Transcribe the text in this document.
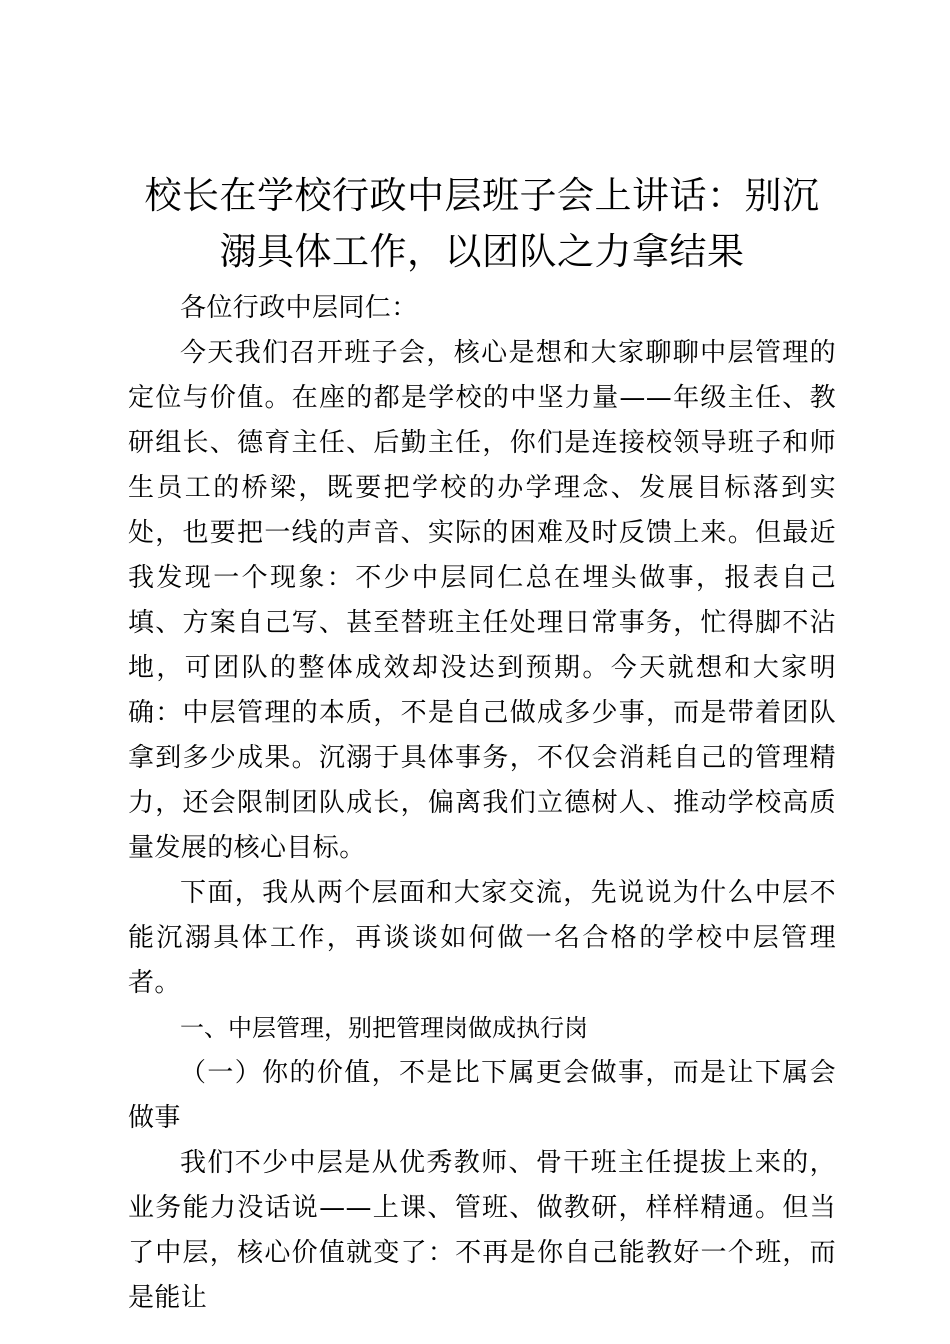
校长在学校行政中层班子会上讲话：别沉溺具体工作，以团队之力拿结果

各位行政中层同仁：

今天我们召开班子会，核心是想和大家聊聊中层管理的定位与价值。在座的都是学校的中坚力量——年级主任、教研组长、德育主任、后勤主任，你们是连接校领导班子和师生员工的桥梁，既要把学校的办学理念、发展目标落到实处，也要把一线的声音、实际的困难及时反馈上来。但最近我发现一个现象：不少中层同仁总在埋头做事，报表自己填、方案自己写、甚至替班主任处理日常事务，忙得脚不沾地，可团队的整体成效却没达到预期。今天就想和大家明确：中层管理的本质，不是自己做成多少事，而是带着团队拿到多少成果。沉溺于具体事务，不仅会消耗自己的管理精力，还会限制团队成长，偏离我们立德树人、推动学校高质量发展的核心目标。

下面，我从两个层面和大家交流，先说说为什么中层不能沉溺具体工作，再谈谈如何做一名合格的学校中层管理者。

一、中层管理，别把管理岗做成执行岗

（一）你的价值，不是比下属更会做事，而是让下属会做事

我们不少中层是从优秀教师、骨干班主任提拔上来的，业务能力没话说——上课、管班、做教研，样样精通。但当了中层，核心价值就变了：不再是你自己能教好一个班，而是能让
